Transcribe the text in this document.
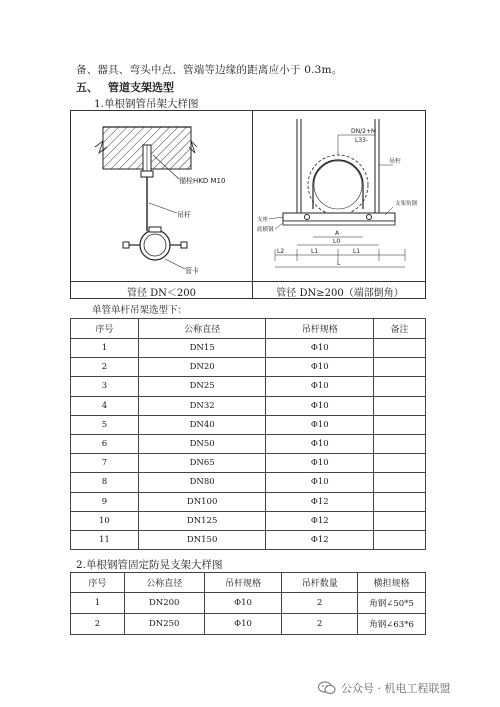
备、器具、弯头中点、管端等边缘的距离应小于 0.3m。
五、 管道支架选型
1.单根钢管吊架大样图
锚栓HKD M10
吊杆
管卡
DN/2+M
L33-
吊杆
支架角钢
支座
底横钢	A
L0
L2	L1	L1
L
管径 DN＜200	管径 DN≥200（端部倒角）
单管单杆吊架选型下：
序号	公称直径	吊杆规格	备注
1	DN15	Φ10	
2	DN20	Φ10	
3	DN25	Φ10	
4	DN32	Φ10	
5	DN40	Φ10	
6	DN50	Φ10	
7	DN65	Φ10	
8	DN80	Φ10	
9	DN100	Φ12	
10	DN125	Φ12	
11	DN150	Φ12	
2.单根钢管固定防晃支架大样图
序号	公称直径	吊杆规格	吊杆数量	横担规格
1	DN200	Φ10	2	角钢∠50*5
2	DN250	Φ10	2	角钢∠63*6
公众号 · 机电工程联盟
